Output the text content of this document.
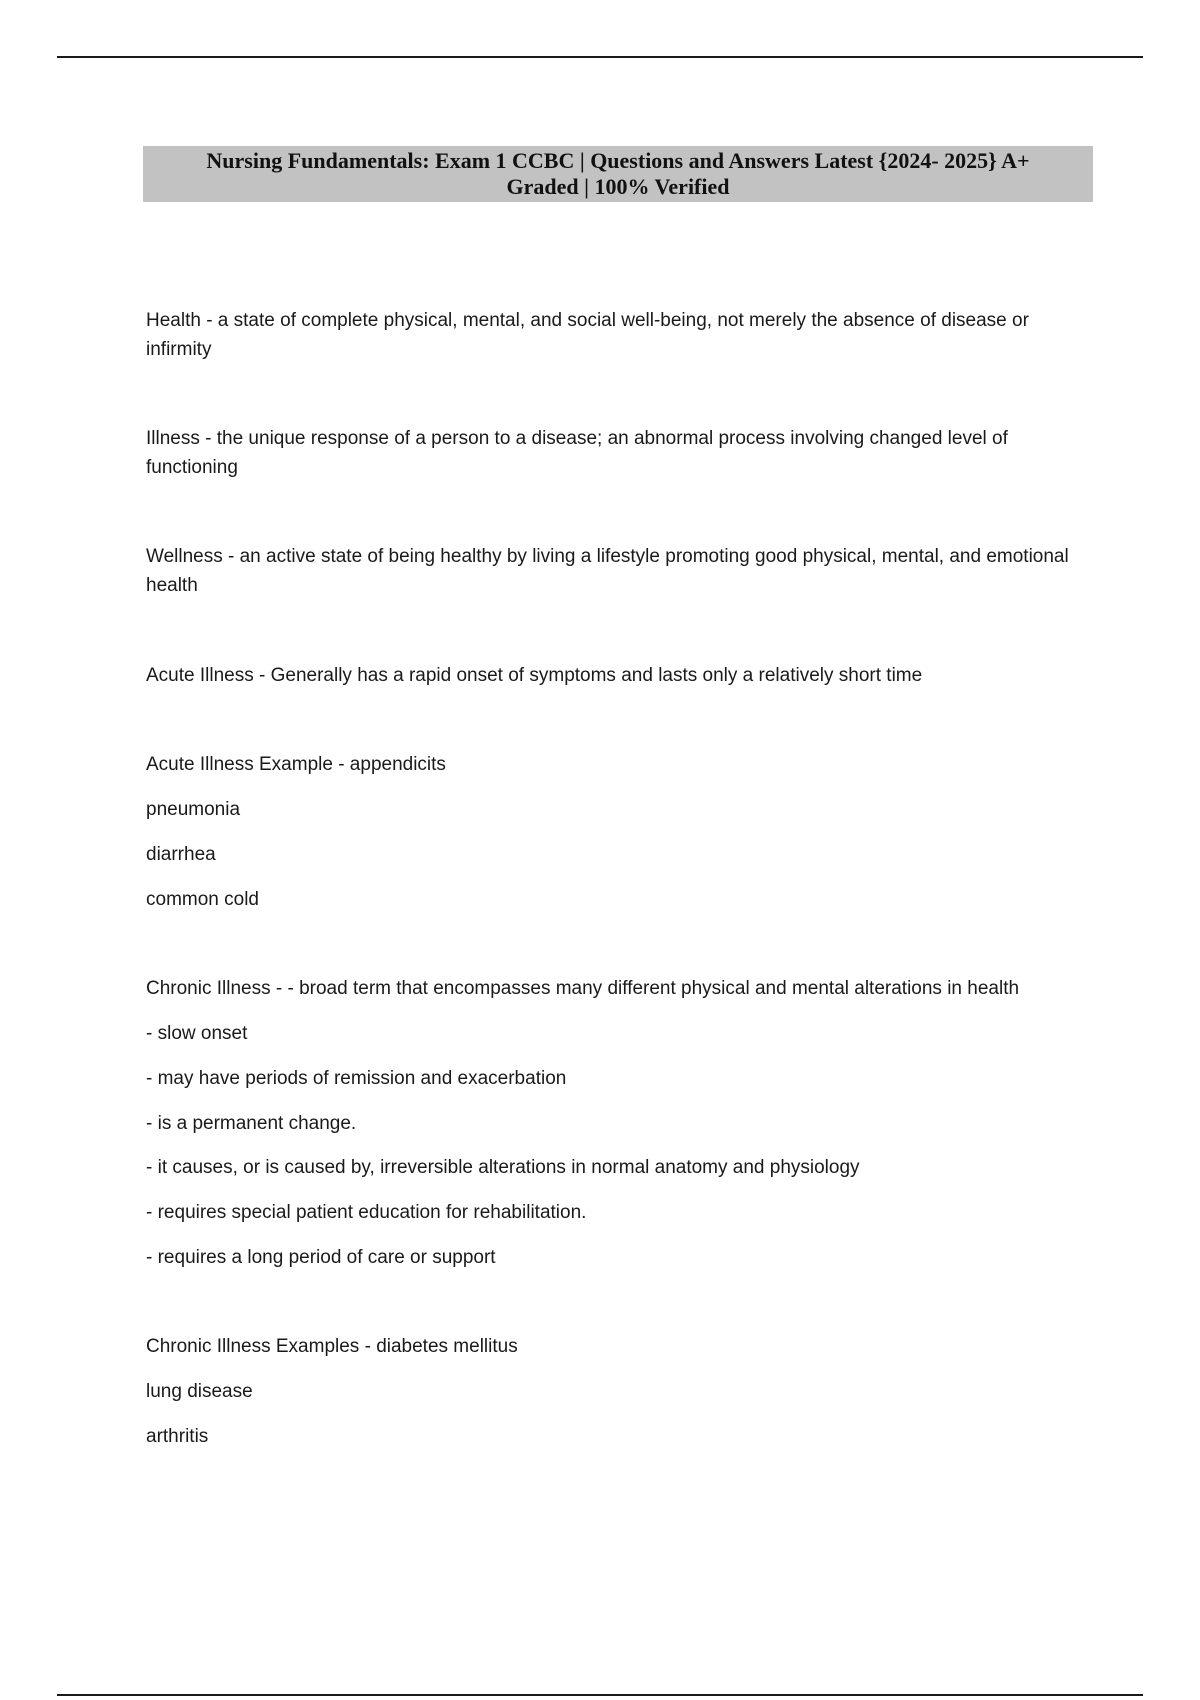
Nursing Fundamentals: Exam 1 CCBC | Questions and Answers Latest {2024- 2025} A+
Graded | 100% Verified

Health - a state of complete physical, mental, and social well-being, not merely the absence of disease or infirmity

Illness - the unique response of a person to a disease; an abnormal process involving changed level of functioning

Wellness - an active state of being healthy by living a lifestyle promoting good physical, mental, and emotional health

Acute Illness - Generally has a rapid onset of symptoms and lasts only a relatively short time

Acute Illness Example - appendicits

pneumonia

diarrhea

common cold

Chronic Illness - - broad term that encompasses many different physical and mental alterations in health

- slow onset

- may have periods of remission and exacerbation

- is a permanent change.

- it causes, or is caused by, irreversible alterations in normal anatomy and physiology

- requires special patient education for rehabilitation.

- requires a long period of care or support

Chronic Illness Examples - diabetes mellitus

lung disease

arthritis
